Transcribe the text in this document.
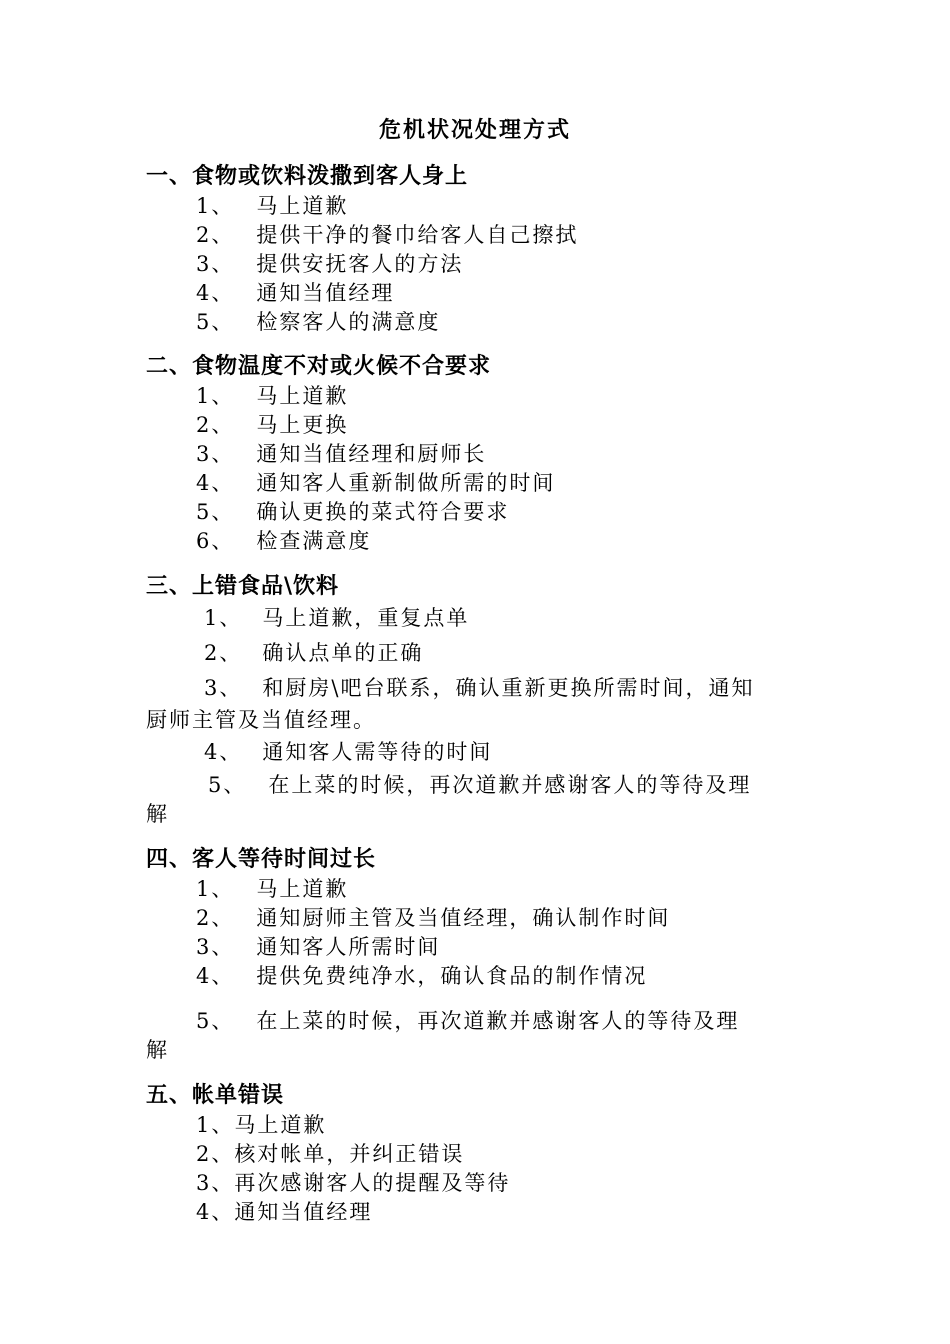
危机状况处理方式
一、食物或饮料泼撒到客人身上
1、 马上道歉
2、 提供干净的餐巾给客人自己擦拭
3、 提供安抚客人的方法
4、 通知当值经理
5、 检察客人的满意度
二、食物温度不对或火候不合要求
1、 马上道歉
2、 马上更换
3、 通知当值经理和厨师长
4、 通知客人重新制做所需的时间
5、 确认更换的菜式符合要求
6、 检查满意度
三、上错食品\饮料
1、 马上道歉，重复点单
2、 确认点单的正确
3、 和厨房\吧台联系，确认重新更换所需时间，通知
厨师主管及当值经理。
4、 通知客人需等待的时间
5、 在上菜的时候，再次道歉并感谢客人的等待及理
解
四、客人等待时间过长
1、 马上道歉
2、 通知厨师主管及当值经理，确认制作时间
3、 通知客人所需时间
4、 提供免费纯净水，确认食品的制作情况
5、 在上菜的时候，再次道歉并感谢客人的等待及理
解
五、帐单错误
1、马上道歉
2、核对帐单，并纠正错误
3、再次感谢客人的提醒及等待
4、通知当值经理
